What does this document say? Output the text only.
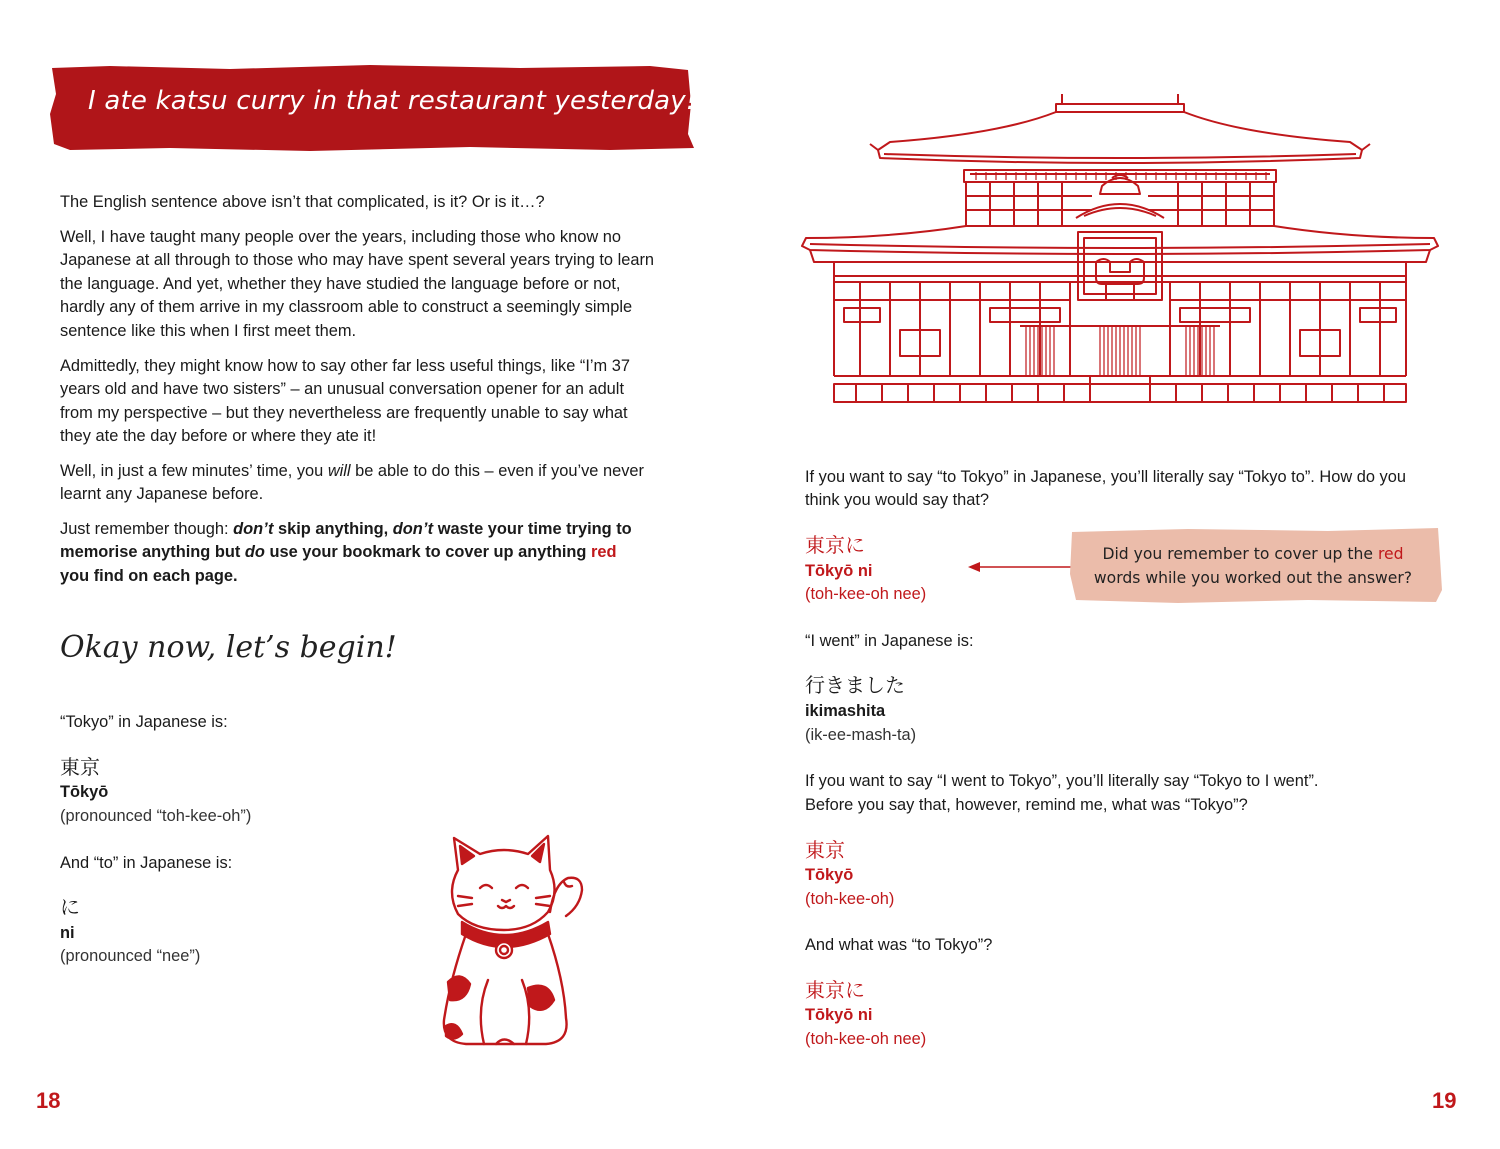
I ate katsu curry in that restaurant yesterday!

The English sentence above isn’t that complicated, is it? Or is it…?

Well, I have taught many people over the years, including those who know no
Japanese at all through to those who may have spent several years trying to learn
the language. And yet, whether they have studied the language before or not,
hardly any of them arrive in my classroom able to construct a seemingly simple
sentence like this when I first meet them.

Admittedly, they might know how to say other far less useful things, like “I’m 37
years old and have two sisters” – an unusual conversation opener for an adult
from my perspective – but they nevertheless are frequently unable to say what
they ate the day before or where they ate it!

Well, in just a few minutes’ time, you will be able to do this – even if you’ve never
learnt any Japanese before.

Just remember though: don’t skip anything, don’t waste your time trying to
memorise anything but do use your bookmark to cover up anything red
you find on each page.

Okay now, let’s begin!
“Tokyo” in Japanese is:
東京
Tōkyō
(pronounced “toh-kee-oh”)
And “to” in Japanese is:
に
ni
(pronounced “nee”)
18
If you want to say “to Tokyo” in Japanese, you’ll literally say “Tokyo to”. How do you
think you would say that?
東京に
Tōkyō ni
(toh-kee-oh nee)
Did you remember to cover up the red
words while you worked out the answer?
“I went” in Japanese is:
行きました
ikimashita
(ik-ee-mash-ta)
If you want to say “I went to Tokyo”, you’ll literally say “Tokyo to I went”.
Before you say that, however, remind me, what was “Tokyo”?
東京
Tōkyō
(toh-kee-oh)
And what was “to Tokyo”?
東京に
Tōkyō ni
(toh-kee-oh nee)
19
